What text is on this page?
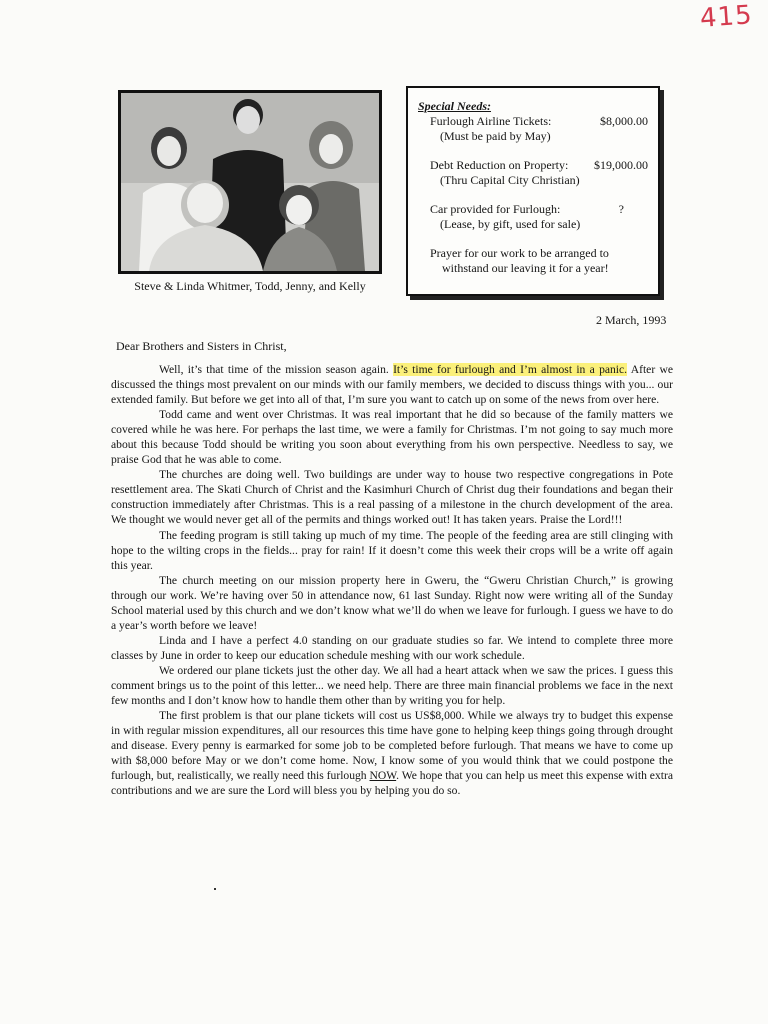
415
Steve & Linda Whitmer, Todd, Jenny, and Kelly
Special Needs:
Furlough Airline Tickets:	$8,000.00
(Must be paid by May)
Debt Reduction on Property: $19,000.00
(Thru Capital City Christian)
Car provided for Furlough:	?
(Lease, by gift, used for sale)
Prayer for our work to be arranged to
withstand our leaving it for a year!
2 March, 1993
Dear Brothers and Sisters in Christ,

Well, it’s that time of the mission season again. It’s time for furlough and I’m almost in a panic. After we discussed the things most prevalent on our minds with our family members, we decided to discuss things with you... our extended family. But before we get into all of that, I’m sure you want to catch up on some of the news from over here.

Todd came and went over Christmas. It was real important that he did so because of the family matters we covered while he was here. For perhaps the last time, we were a family for Christmas. I’m not going to say much more about this because Todd should be writing you soon about everything from his own perspective. Needless to say, we praise God that he was able to come.

The churches are doing well. Two buildings are under way to house two respective congregations in Pote resettlement area. The Skati Church of Christ and the Kasimhuri Church of Christ dug their foundations and began their construction immediately after Christmas. This is a real passing of a milestone in the church development of the area. We thought we would never get all of the permits and things worked out! It has taken years. Praise the Lord!!!

The feeding program is still taking up much of my time. The people of the feeding area are still clinging with hope to the wilting crops in the fields... pray for rain! If it doesn’t come this week their crops will be a write off again this year.

The church meeting on our mission property here in Gweru, the “Gweru Christian Church,” is growing through our work. We’re having over 50 in attendance now, 61 last Sunday. Right now were writing all of the Sunday School material used by this church and we don’t know what we’ll do when we leave for furlough. I guess we have to do a year’s worth before we leave!

Linda and I have a perfect 4.0 standing on our graduate studies so far. We intend to complete three more classes by June in order to keep our education schedule meshing with our work schedule.

We ordered our plane tickets just the other day. We all had a heart attack when we saw the prices. I guess this comment brings us to the point of this letter... we need help. There are three main financial problems we face in the next few months and I don’t know how to handle them other than by writing you for help.

The first problem is that our plane tickets will cost us US$8,000. While we always try to budget this expense in with regular mission expenditures, all our resources this time have gone to helping keep things going through drought and disease. Every penny is earmarked for some job to be completed before furlough. That means we have to come up with $8,000 before May or we don’t come home. Now, I know some of you would think that we could postpone the furlough, but, realistically, we really need this furlough NOW. We hope that you can help us meet this expense with extra contributions and we are sure the Lord will bless you by helping you do so.
